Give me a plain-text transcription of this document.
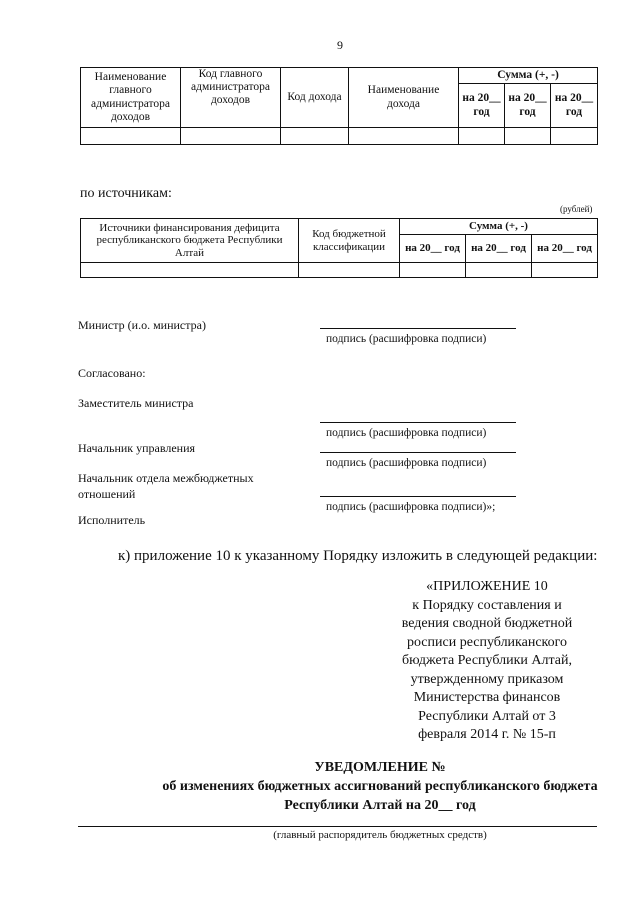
9
Наименование главного администратора доходов	Код главного администратора доходов	Код дохода	Наименование дохода	Сумма (+, -)		
				на 20__ год	на 20__ год	на 20__ год

по источникам:
(рублей)
Источники финансирования дефицита республиканского бюджета Республики Алтай	Код бюджетной классификации	Сумма (+, -)		
		на 20__ год	на 20__ год	на 20__ год

Министр (и.о. министра)
подпись (расшифровка подписи)
Согласовано:
Заместитель министра
подпись (расшифровка подписи)
Начальник управления
подпись (расшифровка подписи)
Начальник отдела межбюджетных отношений
подпись (расшифровка подписи)»;
Исполнитель
к) приложение 10 к указанному Порядку изложить в следующей редакции:
«ПРИЛОЖЕНИЕ 10
к Порядку составления и
ведения сводной бюджетной
росписи республиканского
бюджета Республики Алтай,
утвержденному приказом
Министерства финансов
Республики Алтай от 3
февраля 2014 г. № 15-п
УВЕДОМЛЕНИЕ №
об изменениях бюджетных ассигнований республиканского бюджета
Республики Алтай на 20__ год
(главный распорядитель бюджетных средств)
